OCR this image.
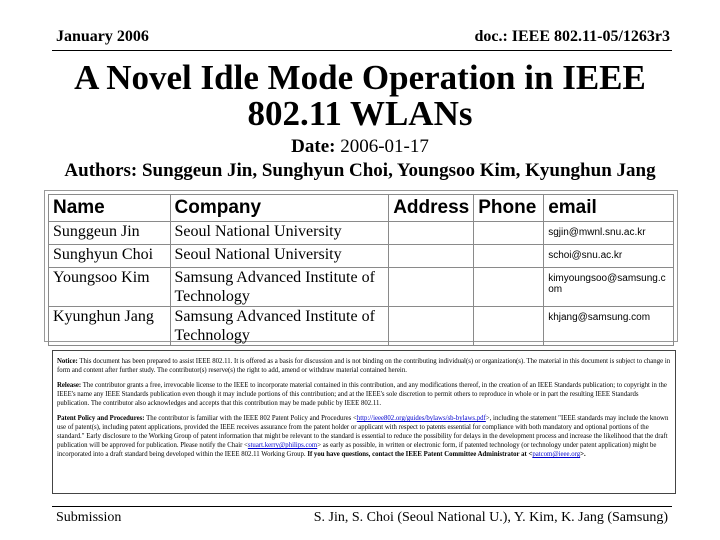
January 2006	doc.: IEEE 802.11-05/1263r3
A Novel Idle Mode Operation in IEEE
802.11 WLANs
Date: 2006-01-17
Authors: Sunggeun Jin, Sunghyun Choi, Youngsoo Kim, Kyunghun Jang
Name	Company	Address	Phone	email
Sunggeun Jin	Seoul National University			sgjin@mwnl.snu.ac.kr
Sunghyun Choi	Seoul National University			schoi@snu.ac.kr
Youngsoo Kim	Samsung Advanced Institute of Technology			kimyoungsoo@samsung.com
Kyunghun Jang	Samsung Advanced Institute of Technology			khjang@samsung.com

Notice: This document has been prepared to assist IEEE 802.11. It is offered as a basis for discussion and is not binding on the contributing individual(s) or organization(s). The material in this document is subject to change in form and content after further study. The contributor(s) reserve(s) the right to add, amend or withdraw material contained herein.

Release: The contributor grants a free, irrevocable license to the IEEE to incorporate material contained in this contribution, and any modifications thereof, in the creation of an IEEE Standards publication; to copyright in the IEEE's name any IEEE Standards publication even though it may include portions of this contribution; and at the IEEE's sole discretion to permit others to reproduce in whole or in part the resulting IEEE Standards publication. The contributor also acknowledges and accepts that this contribution may be made public by IEEE 802.11.

Patent Policy and Procedures: The contributor is familiar with the IEEE 802 Patent Policy and Procedures <http://ieee802.org/guides/bylaws/sb-bylaws.pdf>, including the statement "IEEE standards may include the known use of patent(s), including patent applications, provided the IEEE receives assurance from the patent holder or applicant with respect to patents essential for compliance with both mandatory and optional portions of the standard." Early disclosure to the Working Group of patent information that might be relevant to the standard is essential to reduce the possibility for delays in the development process and increase the likelihood that the draft publication will be approved for publication. Please notify the Chair <stuart.kerry@philips.com> as early as possible, in written or electronic form, if patented technology (or technology under patent application) might be incorporated into a draft standard being developed within the IEEE 802.11 Working Group. If you have questions, contact the IEEE Patent Committee Administrator at <patcom@ieee.org>.

Submission	S. Jin, S. Choi (Seoul National U.), Y. Kim, K. Jang (Samsung)
